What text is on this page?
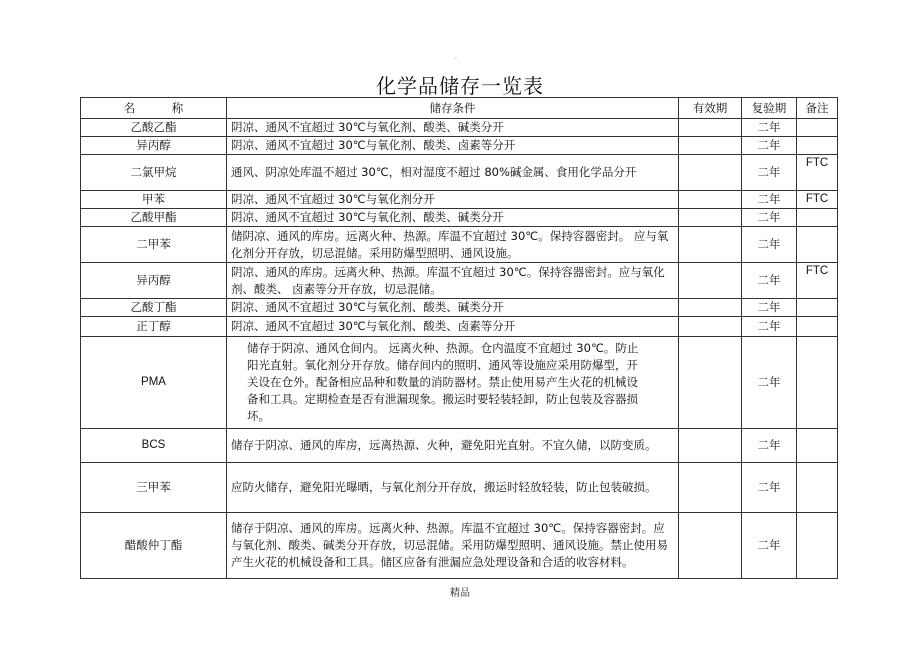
·
化学品储存一览表
名          称	储存条件	有效期	复验期	备注
乙酸乙酯	阴凉、通风不宜超过 30℃与氧化剂、酸类、碱类分开		二年	
异丙醇	阴凉、通风不宜超过 30℃与氧化剂、酸类、卤素等分开		二年	
二氯甲烷	通风、阴凉处库温不超过 30℃，相对湿度不超过 80%碱金属、食用化学品分开		二年	FTC
甲苯	阴凉、通风不宜超过 30℃与氧化剂分开		二年	FTC
乙酸甲酯	阴凉、通风不宜超过 30℃与氧化剂、酸类、碱类分开		二年	
二甲苯	储阴凉、通风的库房。远离火种、热源。库温不宜超过 30℃。保持容器密封。 应与氧化剂分开存放，切忌混储。采用防爆型照明、通风设施。		二年	
异丙醇	阴凉、通风的库房。远离火种、热源。库温不宜超过 30℃。保持容器密封。应与氧化剂、酸类、 卤素等分开存放，切忌混储。		二年	FTC
乙酸丁酯	阴凉、通风不宜超过 30℃与氧化剂、酸类、碱类分开		二年	
正丁醇	阴凉、通风不宜超过 30℃与氧化剂、酸类、卤素等分开		二年	
PMA	储存于阴凉、通风仓间内。 远离火种、热源。仓内温度不宜超过 30℃。防止阳光直射。氧化剂分开存放。储存间内的照明、通风等设施应采用防爆型，开关设在仓外。配备相应品种和数量的消防器材。禁止使用易产生火花的机械设备和工具。定期检查是否有泄漏现象。搬运时要轻装轻卸，防止包装及容器损坏。		二年	
BCS	储存于阴凉、通风的库房，远离热源、火种，避免阳光直射。不宜久储，以防变质。		二年	
三甲苯	应防火储存，避免阳光曝晒，与氧化剂分开存放，搬运时轻放轻装，防止包装破损。		二年	
醋酸仲丁酯	储存于阴凉、通风的库房。远离火种、热源。库温不宜超过 30℃。保持容器密封。应与氧化剂、酸类、碱类分开存放，切忌混储。采用防爆型照明、通风设施。禁止使用易产生火花的机械设备和工具。储区应备有泄漏应急处理设备和合适的收容材料。		二年	
精品
